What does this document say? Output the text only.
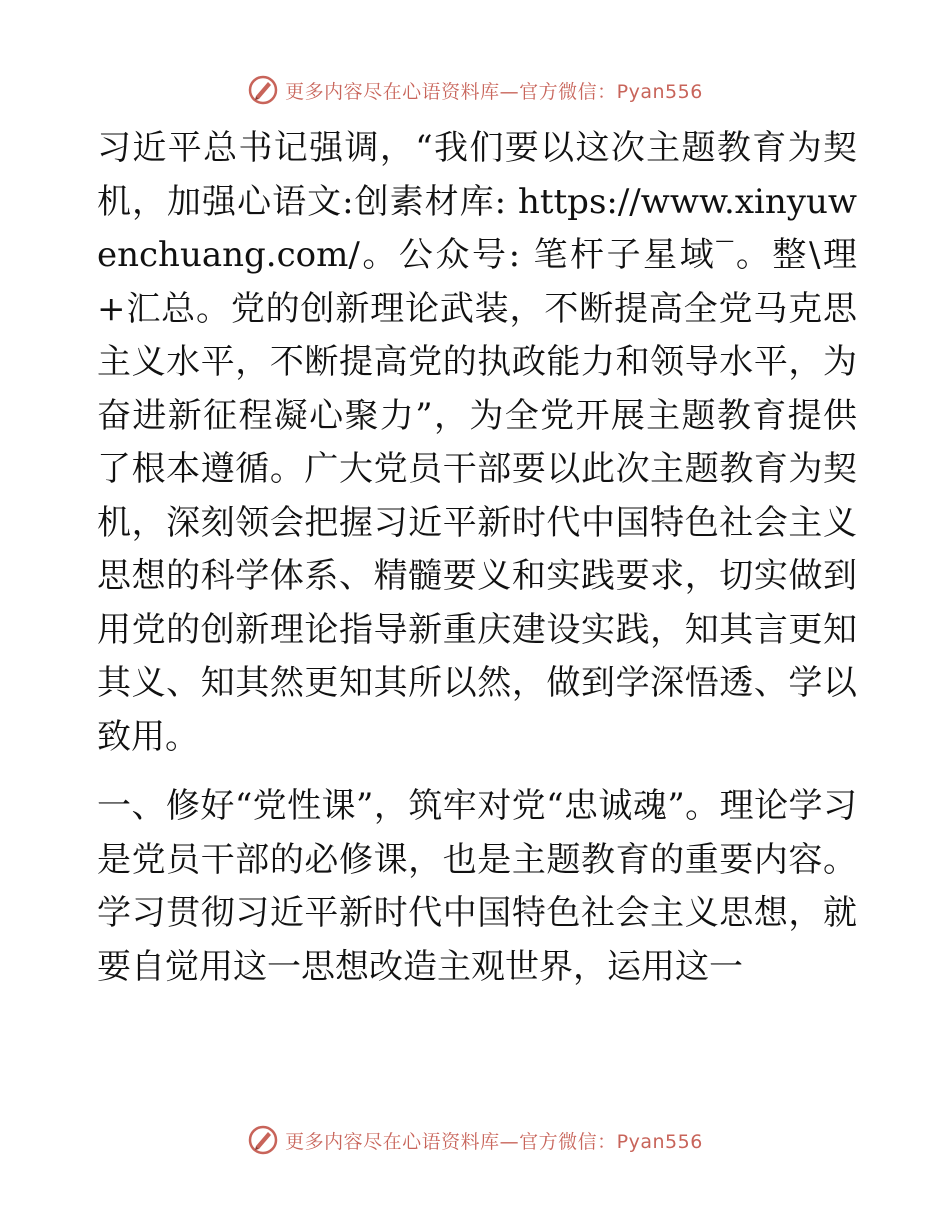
更多内容尽在心语资料库—官方微信：Pyan556

习近平总书记强调，“我们要以这次主题教育为契机，加强心语文:创素材库: https://www.xinyuwenchuang.com/。公众号: 笔杆子星域‾。整\理+汇总。党的创新理论武装，不断提高全党马克思主义水平，不断提高党的执政能力和领导水平，为奋进新征程凝心聚力”，为全党开展主题教育提供了根本遵循。广大党员干部要以此次主题教育为契机，深刻领会把握习近平新时代中国特色社会主义思想的科学体系、精髓要义和实践要求，切实做到用党的创新理论指导新重庆建设实践，知其言更知其义、知其然更知其所以然，做到学深悟透、学以致用。

一、修好“党性课”，筑牢对党“忠诚魂”。理论学习是党员干部的必修课，也是主题教育的重要内容。学习贯彻习近平新时代中国特色社会主义思想，就要自觉用这一思想改造主观世界，运用这一

更多内容尽在心语资料库—官方微信：Pyan556
